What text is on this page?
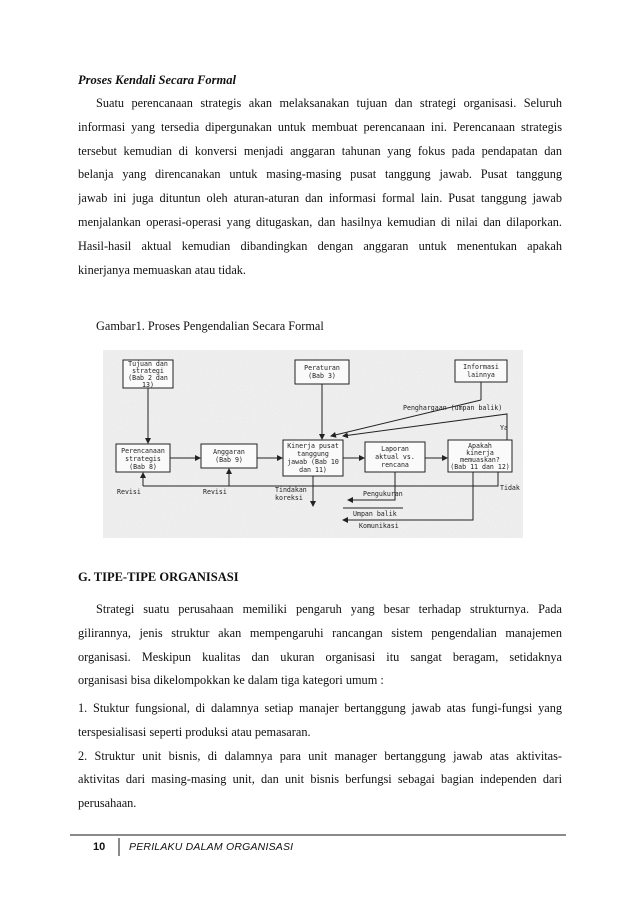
Proses Kendali Secara Formal
Suatu perencanaan strategis akan melaksanakan tujuan dan strategi organisasi. Seluruh
informasi yang tersedia dipergunakan untuk membuat perencanaan ini. Perencanaan strategis
tersebut kemudian di konversi menjadi anggaran tahunan yang fokus pada pendapatan dan
belanja yang direncanakan untuk masing-masing pusat tanggung jawab. Pusat tanggung
jawab ini juga dituntun oleh aturan-aturan dan informasi formal lain. Pusat tanggung jawab
menjalankan operasi-operasi yang ditugaskan, dan hasilnya kemudian di nilai dan dilaporkan.
Hasil-hasil aktual kemudian dibandingkan dengan anggaran untuk menentukan apakah
kinerjanya memuaskan atau tidak.
Gambar1. Proses Pengendalian Secara Formal
Tujuan dan
strategi
(Bab 2 dan
13)
Peraturan
(Bab 3)
Informasi
lainnya
Perencanaan
strategis
(Bab 8)
Anggaran
(Bab 9)
Kinerja pusat
tanggung
jawab (Bab 10
dan 11)
Laporan
aktual vs.
rencana
Apakah
kinerja
memuaskan?
(Bab 11 dan 12)
Penghargaan (umpan balik)
Ya
Tidak
Revisi	Revisi	Tindakan
koreksi	Pengukuran
Umpan balik
Komunikasi
G. TIPE-TIPE ORGANISASI
Strategi suatu perusahaan memiliki pengaruh yang besar terhadap strukturnya. Pada
gilirannya, jenis struktur akan mempengaruhi rancangan sistem pengendalian manajemen
organisasi. Meskipun kualitas dan ukuran organisasi itu sangat beragam, setidaknya
organisasi bisa dikelompokkan ke dalam tiga kategori umum :
1. Stuktur fungsional, di dalamnya setiap manajer bertanggung jawab atas fungi-fungsi yang
terspesialisasi seperti produksi atau pemasaran.
2. Struktur unit bisnis, di dalamnya para unit manager bertanggung jawab atas aktivitas-
aktivitas dari masing-masing unit, dan unit bisnis berfungsi sebagai bagian independen dari
perusahaan.
10 PERILAKU DALAM ORGANISASI
